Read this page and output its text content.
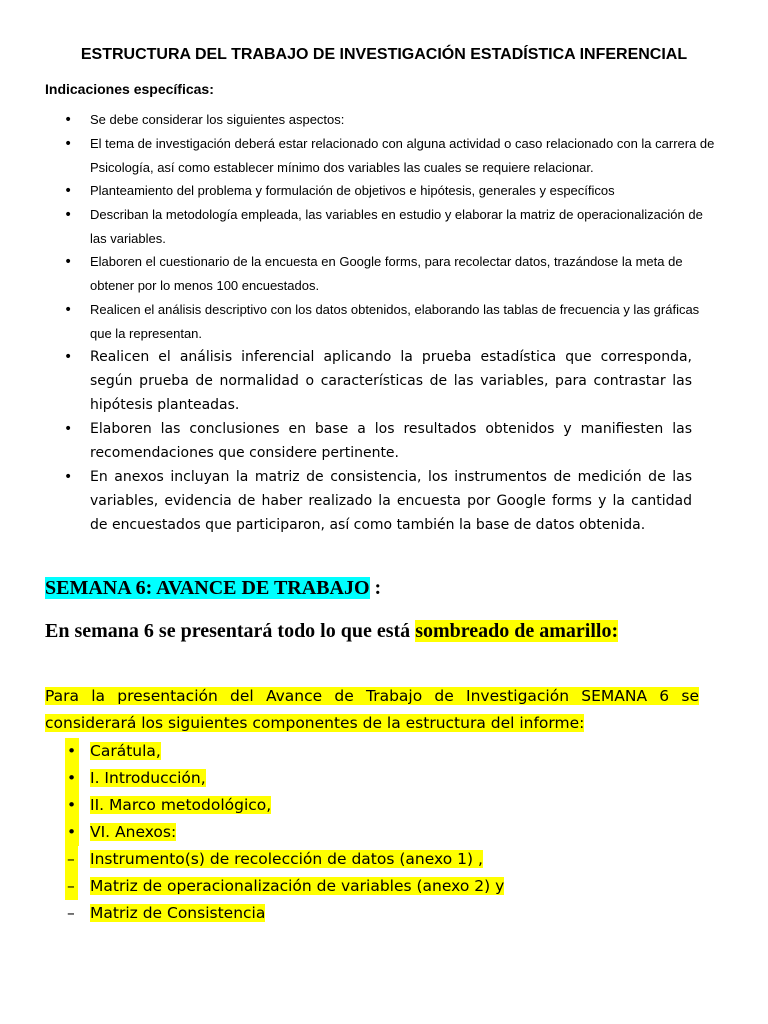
ESTRUCTURA DEL TRABAJO DE INVESTIGACIÓN ESTADÍSTICA INFERENCIAL
Indicaciones específicas:
• Se debe considerar los siguientes aspectos:
• El tema de investigación deberá estar relacionado con alguna actividad o caso relacionado con la carrera de Psicología, así como establecer mínimo dos variables las cuales se requiere relacionar.
• Planteamiento del problema y formulación de objetivos e hipótesis, generales y específicos
• Describan la metodología empleada, las variables en estudio y elaborar la matriz de operacionalización de las variables.
• Elaboren el cuestionario de la encuesta en Google forms, para recolectar datos, trazándose la meta de obtener por lo menos 100 encuestados.
• Realicen el análisis descriptivo con los datos obtenidos, elaborando las tablas de frecuencia y las gráficas que la representan.
• Realicen el análisis inferencial aplicando la prueba estadística que corresponda, según prueba de normalidad o características de las variables, para contrastar las hipótesis planteadas.
• Elaboren las conclusiones en base a los resultados obtenidos y manifiesten las recomendaciones que considere pertinente.
• En anexos incluyan la matriz de consistencia, los instrumentos de medición de las variables, evidencia de haber realizado la encuesta por Google forms y la cantidad de encuestados que participaron, así como también la base de datos obtenida.
SEMANA 6: AVANCE DE TRABAJO :

En semana 6 se presentará todo lo que está sombreado de amarillo:

Para la presentación del Avance de Trabajo de Investigación SEMANA 6 se considerará los siguientes componentes de la estructura del informe:

• Carátula,
• I. Introducción,
• II. Marco metodológico,
• VI. Anexos:
– Instrumento(s) de recolección de datos (anexo 1) ,
– Matriz de operacionalización de variables (anexo 2) y
– Matriz de Consistencia
